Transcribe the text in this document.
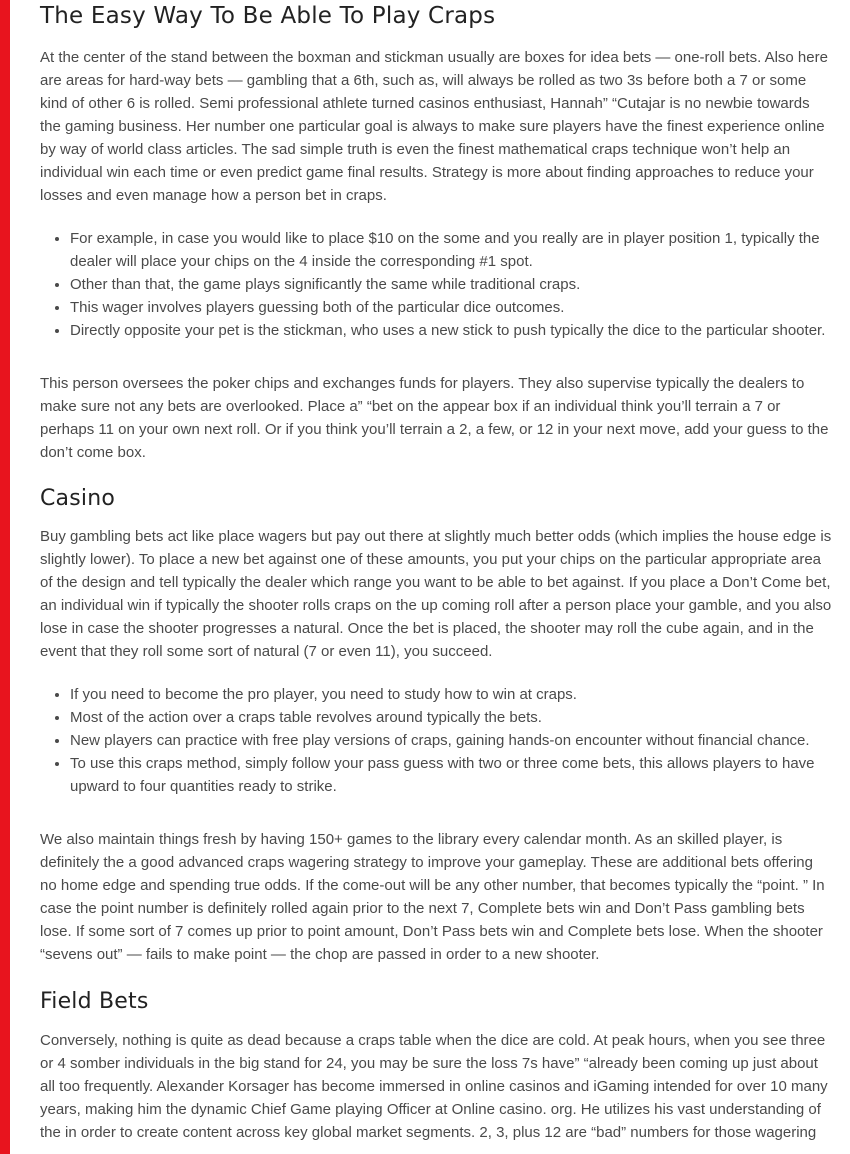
The Easy Way To Be Able To Play Craps

At the center of the stand between the boxman and stickman usually are boxes for idea bets — one-roll bets. Also here are areas for hard-way bets — gambling that a 6th, such as, will always be rolled as two 3s before both a 7 or some kind of other 6 is rolled. Semi professional athlete turned casinos enthusiast, Hannah” “Cutajar is no newbie towards the gaming business. Her number one particular goal is always to make sure players have the finest experience online by way of world class articles. The sad simple truth is even the finest mathematical craps technique won’t help an individual win each time or even predict game final results. Strategy is more about finding approaches to reduce your losses and even manage how a person bet in craps.

• For example, in case you would like to place $10 on the some and you really are in player position 1, typically the dealer will place your chips on the 4 inside the corresponding #1 spot.
• Other than that, the game plays significantly the same while traditional craps.
• This wager involves players guessing both of the particular dice outcomes.
• Directly opposite your pet is the stickman, who uses a new stick to push typically the dice to the particular shooter.

This person oversees the poker chips and exchanges funds for players. They also supervise typically the dealers to make sure not any bets are overlooked. Place a” “bet on the appear box if an individual think you’ll terrain a 7 or perhaps 11 on your own next roll. Or if you think you’ll terrain a 2, a few, or 12 in your next move, add your guess to the don’t come box.

Casino

Buy gambling bets act like place wagers but pay out there at slightly much better odds (which implies the house edge is slightly lower). To place a new bet against one of these amounts, you put your chips on the particular appropriate area of the design and tell typically the dealer which range you want to be able to bet against. If you place a Don’t Come bet, an individual win if typically the shooter rolls craps on the up coming roll after a person place your gamble, and you also lose in case the shooter progresses a natural. Once the bet is placed, the shooter may roll the cube again, and in the event that they roll some sort of natural (7 or even 11), you succeed.

• If you need to become the pro player, you need to study how to win at craps.
• Most of the action over a craps table revolves around typically the bets.
• New players can practice with free play versions of craps, gaining hands-on encounter without financial chance.
• To use this craps method, simply follow your pass guess with two or three come bets, this allows players to have upward to four quantities ready to strike.

We also maintain things fresh by having 150+ games to the library every calendar month. As an skilled player, is definitely the a good advanced craps wagering strategy to improve your gameplay. These are additional bets offering no home edge and spending true odds. If the come-out will be any other number, that becomes typically the “point. ” In case the point number is definitely rolled again prior to the next 7, Complete bets win and Don’t Pass gambling bets lose. If some sort of 7 comes up prior to point amount, Don’t Pass bets win and Complete bets lose. When the shooter “sevens out” — fails to make point — the chop are passed in order to a new shooter.

Field Bets

Conversely, nothing is quite as dead because a craps table when the dice are cold. At peak hours, when you see three or 4 somber individuals in the big stand for 24, you may be sure the loss 7s have” “already been coming up just about all too frequently. Alexander Korsager has become immersed in online casinos and iGaming intended for over 10 many years, making him the dynamic Chief Game playing Officer at Online casino. org. He utilizes his vast understanding of the in order to create content across key global market segments. 2, 3, plus 12 are “bad” numbers for those wagering
